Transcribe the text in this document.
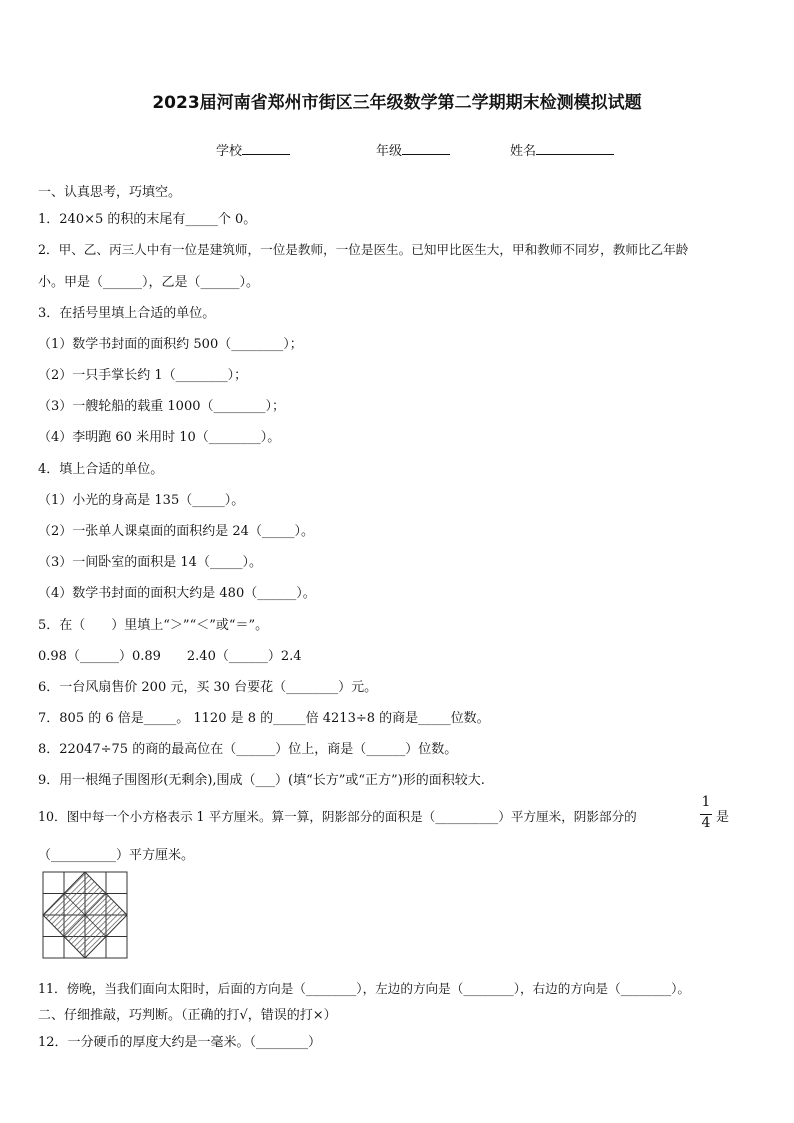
2023届河南省郑州市街区三年级数学第二学期期末检测模拟试题
学校	年级	姓名
一、认真思考，巧填空。
1．240×5 的积的末尾有_____个 0。
2．甲、乙、丙三人中有一位是建筑师，一位是教师，一位是医生。已知甲比医生大，甲和教师不同岁，教师比乙年龄
小。甲是（______），乙是（______）。
3．在括号里填上合适的单位。
（1）数学书封面的面积约 500（________）；
（2）一只手掌长约 1（________）；
（3）一艘轮船的载重 1000（________）；
（4）李明跑 60 米用时 10（________）。
4．填上合适的单位。
（1）小光的身高是 135（_____）。
（2）一张单人课桌面的面积约是 24（_____）。
（3）一间卧室的面积是 14（_____）。
（4）数学书封面的面积大约是 480（______）。
5．在（　　）里填上“＞”“＜”或“＝”。
0.98（______）0.89　　2.40（______）2.4
6．一台风扇售价 200 元，买 30 台要花（________）元。
7．805 的 6 倍是_____。 1120 是 8 的_____倍 4213÷8 的商是_____位数。
8．22047÷75 的商的最高位在（______）位上，商是（______）位数。
9．用一根绳子围图形(无剩余),围成（___）(填“长方”或“正方”)形的面积较大.
10．图中每一个小方格表示 1 平方厘米。算一算，阴影部分的面积是（__________）平方厘米，阴影部分的
1
4 是
（__________）平方厘米。
11．傍晚，当我们面向太阳时，后面的方向是（________），左边的方向是（________），右边的方向是（________）。
二、仔细推敲，巧判断。（正确的打√，错误的打×）
12．一分硬币的厚度大约是一毫米。（________）
